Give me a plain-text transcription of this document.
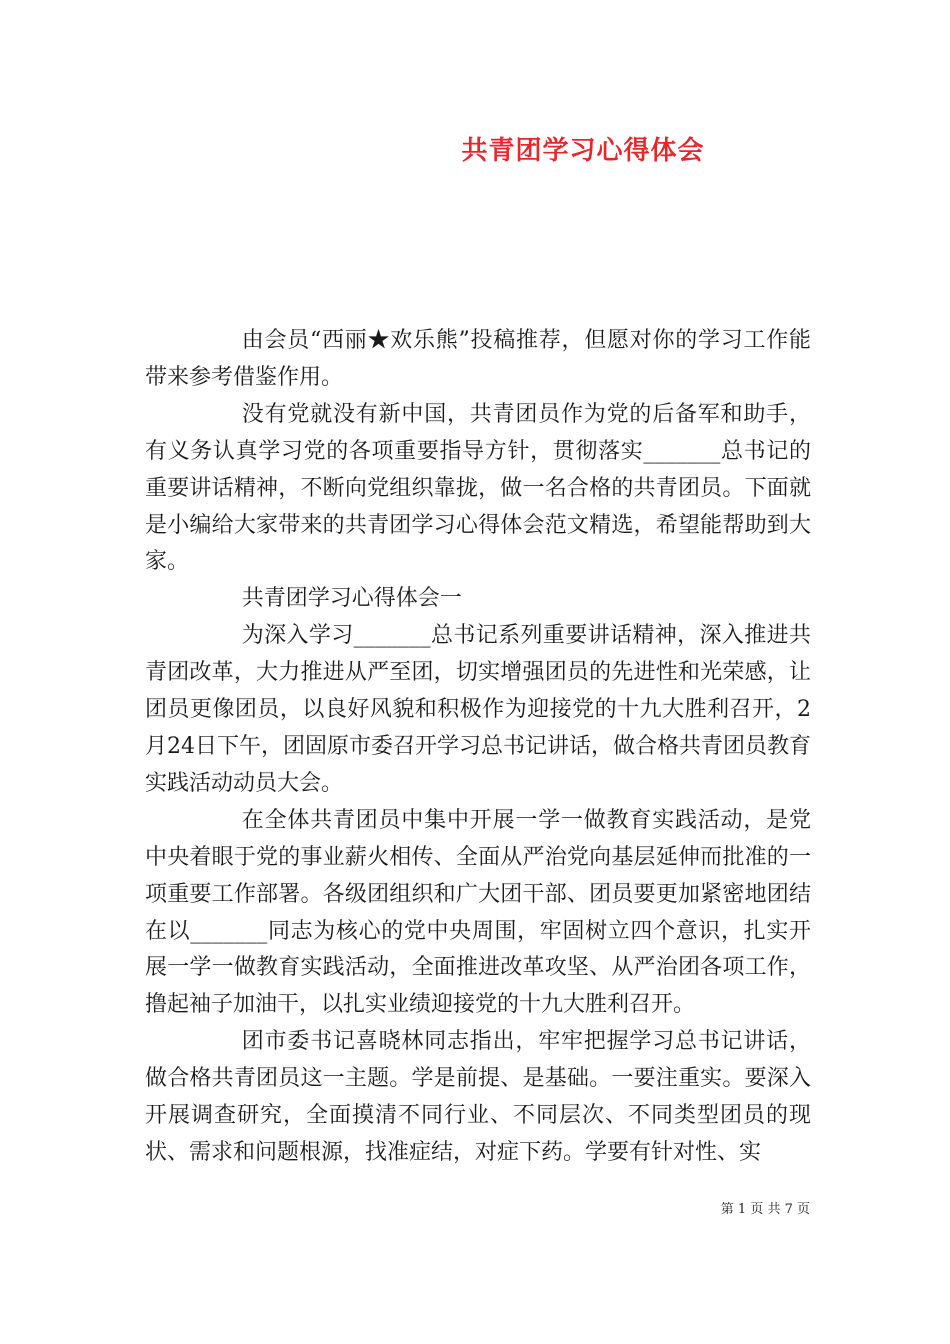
共青团学习心得体会

由会员“西丽★欢乐熊”投稿推荐，但愿对你的学习工作能带来参考借鉴作用。

没有党就没有新中国，共青团员作为党的后备军和助手，有义务认真学习党的各项重要指导方针，贯彻落实_______总书记的重要讲话精神，不断向党组织靠拢，做一名合格的共青团员。下面就是小编给大家带来的共青团学习心得体会范文精选，希望能帮助到大家。

共青团学习心得体会一

为深入学习_______总书记系列重要讲话精神，深入推进共青团改革，大力推进从严至团，切实增强团员的先进性和光荣感，让团员更像团员，以良好风貌和积极作为迎接党的十九大胜利召开，2月24日下午，团固原市委召开学习总书记讲话，做合格共青团员教育实践活动动员大会。

在全体共青团员中集中开展一学一做教育实践活动，是党中央着眼于党的事业薪火相传、全面从严治党向基层延伸而批准的一项重要工作部署。各级团组织和广大团干部、团员要更加紧密地团结在以_______同志为核心的党中央周围，牢固树立四个意识，扎实开展一学一做教育实践活动，全面推进改革攻坚、从严治团各项工作，撸起袖子加油干，以扎实业绩迎接党的十九大胜利召开。

团市委书记喜晓林同志指出，牢牢把握学习总书记讲话，做合格共青团员这一主题。学是前提、是基础。一要注重实。要深入开展调查研究，全面摸清不同行业、不同层次、不同类型团员的现状、需求和问题根源，找准症结，对症下药。学要有针对性、实

第 1 页 共 7 页
